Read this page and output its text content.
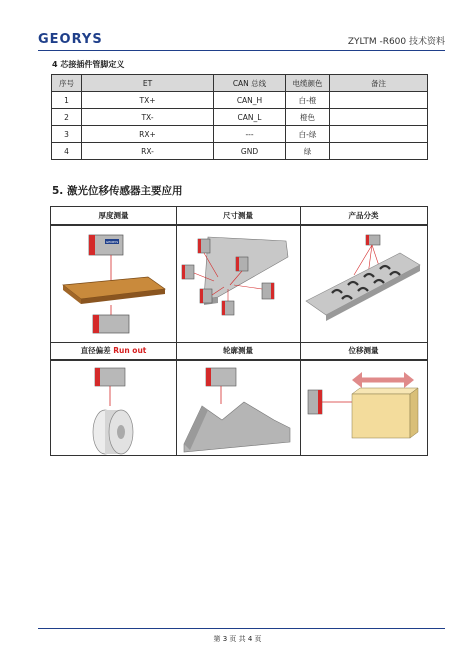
GEORYS	ZYLTM -R600 技术资料
4 芯接插件管脚定义
序号	ET	CAN 总线	电缆颜色	备注
1	TX+	CAN_H	白-橙	
2	TX-	CAN_L	橙色	
3	RX+	---	白-绿	
4	RX-	GND	绿	
5. 激光位移传感器主要应用
厚度测量	尺寸测量	产品分类
直径偏差 Run out	轮廓测量	位移测量
GEORYS
第 3 页 共 4 页
